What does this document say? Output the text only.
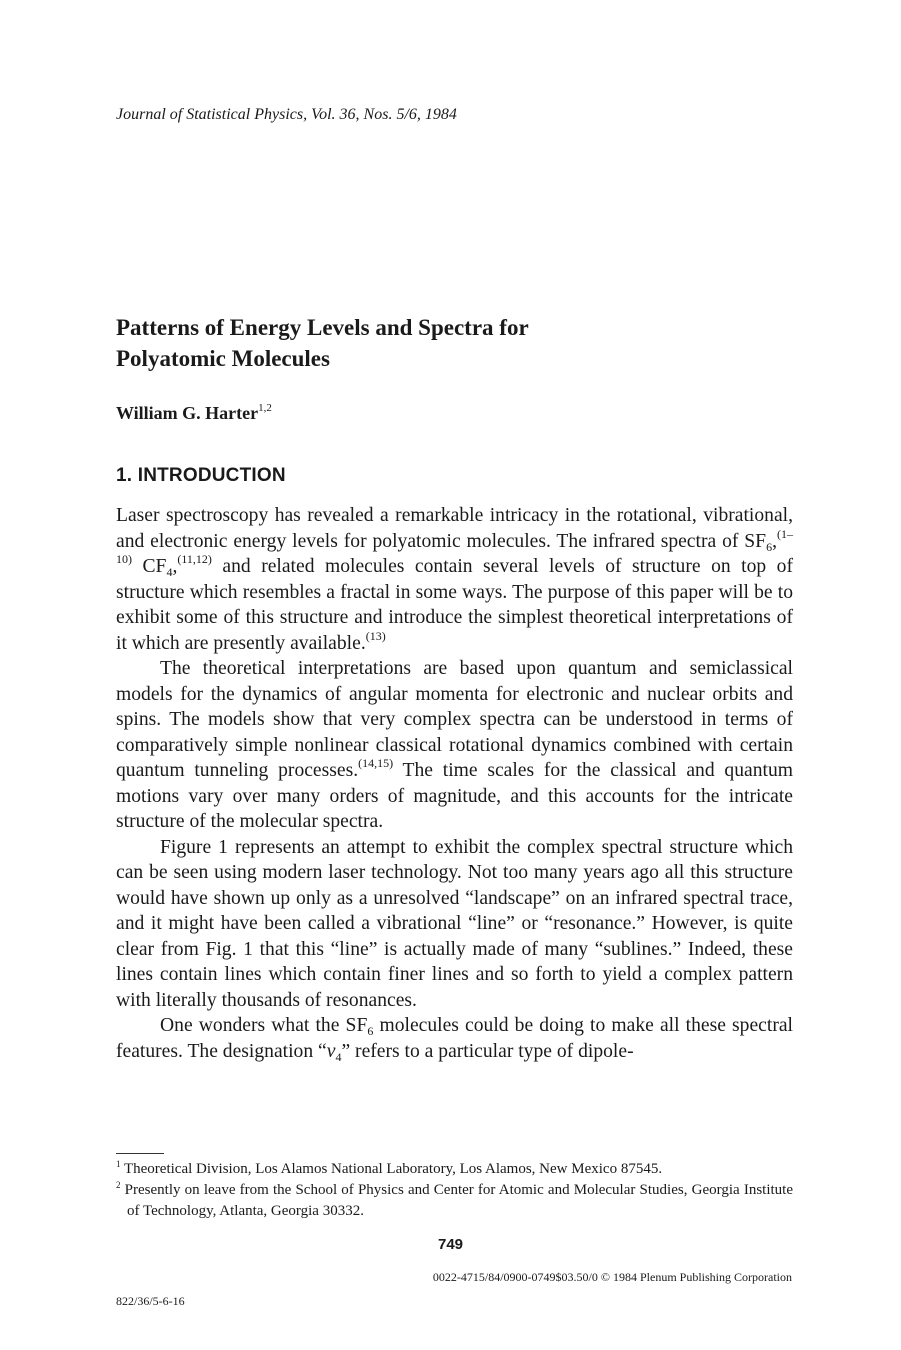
Journal of Statistical Physics, Vol. 36, Nos. 5/6, 1984
Patterns of Energy Levels and Spectra for
Polyatomic Molecules
William G. Harter$^{1,2}$
1. INTRODUCTION

Laser spectroscopy has revealed a remarkable intricacy in the rotational, vibrational, and electronic energy levels for polyatomic molecules. The infrared spectra of $SF_6,^{(1-10)}$ $CF_4,^{(11,12)}$ and related molecules contain several levels of structure on top of structure which resembles a fractal in some ways. The purpose of this paper will be to exhibit some of this structure and introduce the simplest theoretical interpretations of it which are presently available.$^{(13)}$

The theoretical interpretations are based upon quantum and semiclassical models for the dynamics of angular momenta for electronic and nuclear orbits and spins. The models show that very complex spectra can be understood in terms of comparatively simple nonlinear classical rotational dynamics combined with certain quantum tunneling processes.$^{(14,15)}$ The time scales for the classical and quantum motions vary over many orders of magnitude, and this accounts for the intricate structure of the molecular spectra.

Figure 1 represents an attempt to exhibit the complex spectral structure which can be seen using modern laser technology. Not too many years ago all this structure would have shown up only as a unresolved “landscape” on an infrared spectral trace, and it might have been called a vibrational “line” or “resonance.” However, is quite clear from Fig. 1 that this “line” is actually made of many “sublines.” Indeed, these lines contain lines which contain finer lines and so forth to yield a complex pattern with literally thousands of resonances.

One wonders what the $SF_6$ molecules could be doing to make all these spectral features. The designation “$\nu_4$” refers to a particular type of dipole-

$^1$ Theoretical Division, Los Alamos National Laboratory, Los Alamos, New Mexico 87545.

$^2$ Presently on leave from the School of Physics and Center for Atomic and Molecular Studies, Georgia Institute of Technology, Atlanta, Georgia 30332.

749
0022-4715/84/0900-0749$03.50/0 © 1984 Plenum Publishing Corporation
822/36/5-6-16
